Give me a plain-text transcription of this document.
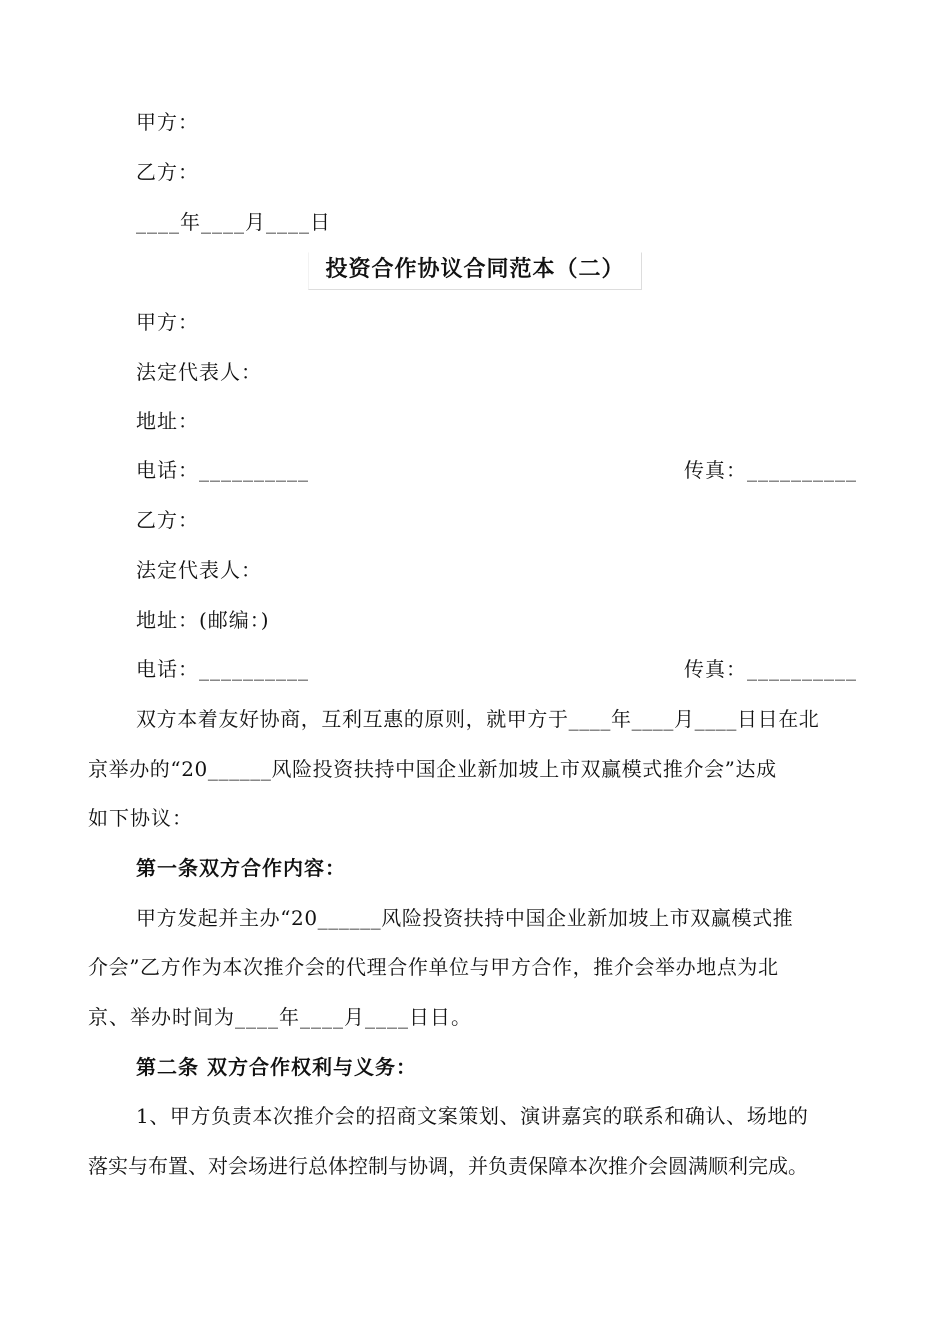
甲方：
乙方：
____年____月____日
投资合作协议合同范本（二）
甲方：
法定代表人：
地址：
电话：__________	传真：__________
乙方：
法定代表人：
地址：(邮编：)
电话：__________	传真：__________
双方本着友好协商，互利互惠的原则，就甲方于____年____月____日日在北
京举办的“20______风险投资扶持中国企业新加坡上市双赢模式推介会”达成
如下协议：
第一条双方合作内容：
甲方发起并主办“20______风险投资扶持中国企业新加坡上市双赢模式推
介会”乙方作为本次推介会的代理合作单位与甲方合作，推介会举办地点为北
京、举办时间为____年____月____日日。
第二条 双方合作权利与义务：
1、甲方负责本次推介会的招商文案策划、演讲嘉宾的联系和确认、场地的
落实与布置、对会场进行总体控制与协调，并负责保障本次推介会圆满顺利完成。
